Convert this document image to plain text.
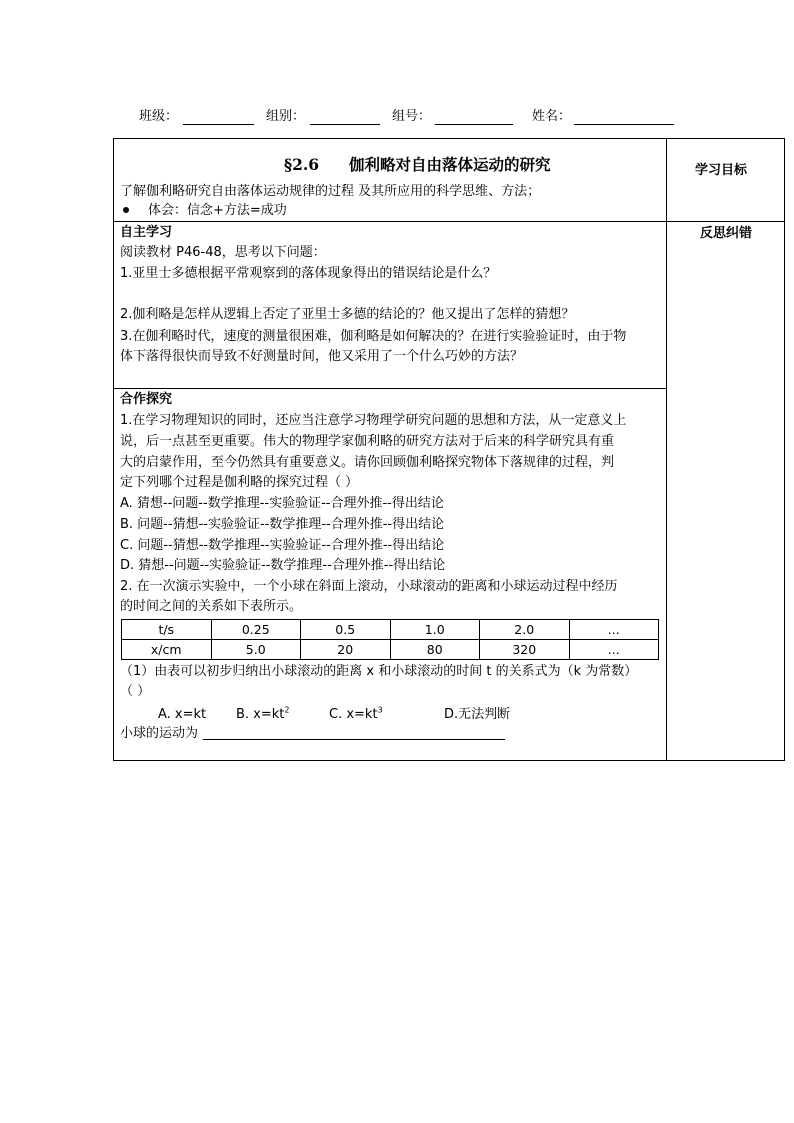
班级：	组别：	组号：	姓名：
§2.6 伽利略对自由落体运动的研究	学习目标
了解伽利略研究自由落体运动规律的过程 及其所应用的科学思维、方法；
体会：信念+方法=成功
反思纠错
自主学习
阅读教材 P46-48，思考以下问题：
1.亚里士多德根据平常观察到的落体现象得出的错误结论是什么？
2.伽利略是怎样从逻辑上否定了亚里士多德的结论的？他又提出了怎样的猜想？
3.在伽利略时代，速度的测量很困难，伽利略是如何解决的？在进行实验验证时，由于物
体下落得很快而导致不好测量时间，他又采用了一个什么巧妙的方法？
合作探究
1.在学习物理知识的同时，还应当注意学习物理学研究问题的思想和方法，从一定意义上
说，后一点甚至更重要。伟大的物理学家伽利略的研究方法对于后来的科学研究具有重
大的启蒙作用，至今仍然具有重要意义。请你回顾伽利略探究物体下落规律的过程，判
定下列哪个过程是伽利略的探究过程（ ）
A. 猜想--问题--数学推理--实验验证--合理外推--得出结论
B. 问题--猜想--实验验证--数学推理--合理外推--得出结论
C. 问题--猜想--数学推理--实验验证--合理外推--得出结论
D. 猜想--问题--实验验证--数学推理--合理外推--得出结论
2. 在一次演示实验中，一个小球在斜面上滚动，小球滚动的距离和小球运动过程中经历
的时间之间的关系如下表所示。
t/s	0.25	0.5	1.0	2.0	...
x/cm	5.0	20	80	320	...
（1）由表可以初步归纳出小球滚动的距离 x 和小球滚动的时间 t 的关系式为（k 为常数）
（ ）
A. x=kt B. $x=kt^2$	C. $x=kt^3$	D.无法判断
小球的运动为
